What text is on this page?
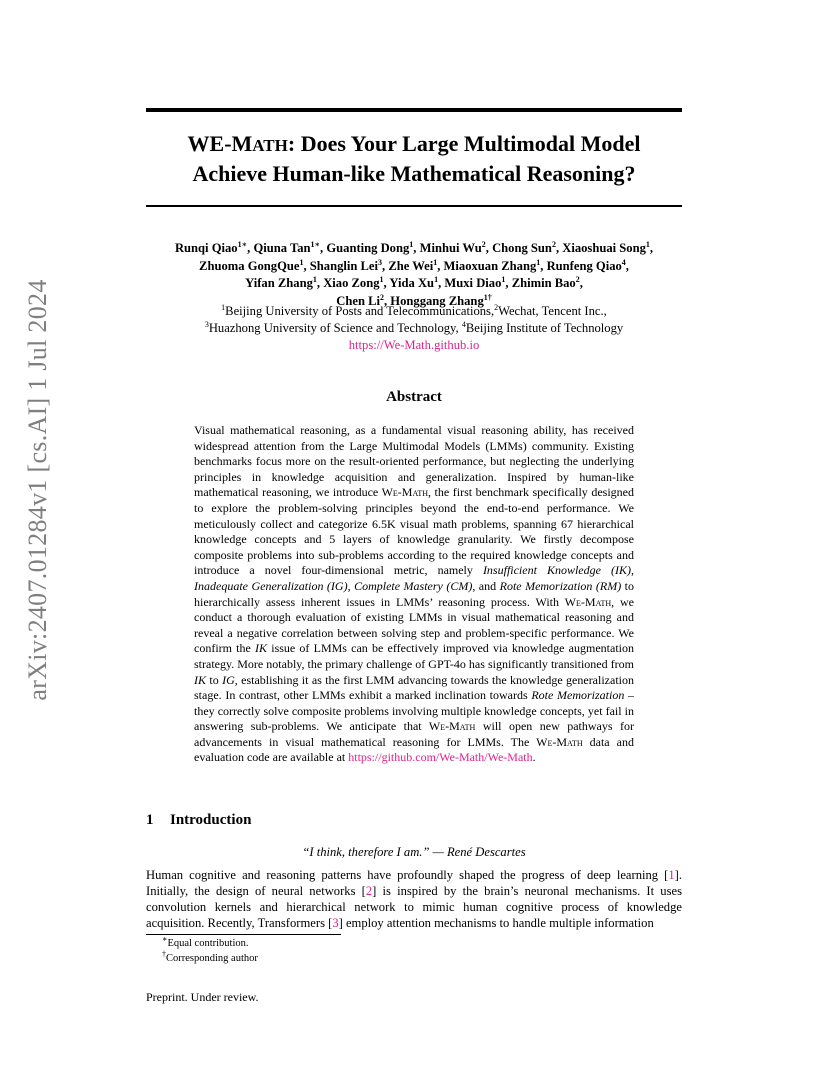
arXiv:2407.01284v1 [cs.AI] 1 Jul 2024
WE-MATH: Does Your Large Multimodal Model
Achieve Human-like Mathematical Reasoning?
Runqi Qiao$^{1∗}$, Qiuna Tan$^{1∗}$, Guanting Dong$^1$, Minhui Wu$^2$, Chong Sun$^2$, Xiaoshuai Song$^1$,
Zhuoma GongQue$^1$, Shanglin Lei$^3$, Zhe Wei$^1$, Miaoxuan Zhang$^1$, Runfeng Qiao$^4$,
Yifan Zhang$^1$, Xiao Zong$^1$, Yida Xu$^1$, Muxi Diao$^1$, Zhimin Bao$^2$,
Chen Li$^2$, Honggang Zhang$^{1\dagger}$
$^1$Beijing University of Posts and Telecommunications,$^2$Wechat, Tencent Inc.,
$^3$Huazhong University of Science and Technology, $^4$Beijing Institute of Technology
https://We-Math.github.io
Abstract

Visual mathematical reasoning, as a fundamental visual reasoning ability, has received widespread attention from the Large Multimodal Models (LMMs) community. Existing benchmarks focus more on the result-oriented performance, but neglecting the underlying principles in knowledge acquisition and generalization. Inspired by human-like mathematical reasoning, we introduce We-Math, the first benchmark specifically designed to explore the problem-solving principles beyond the end-to-end performance. We meticulously collect and categorize 6.5K visual math problems, spanning 67 hierarchical knowledge concepts and 5 layers of knowledge granularity. We firstly decompose composite problems into sub-problems according to the required knowledge concepts and introduce a novel four-dimensional metric, namely Insufficient Knowledge (IK), Inadequate Generalization (IG), Complete Mastery (CM), and Rote Memorization (RM) to hierarchically assess inherent issues in LMMs’ reasoning process. With We-Math, we conduct a thorough evaluation of existing LMMs in visual mathematical reasoning and reveal a negative correlation between solving step and problem-specific performance. We confirm the IK issue of LMMs can be effectively improved via knowledge augmentation strategy. More notably, the primary challenge of GPT-4o has significantly transitioned from IK to IG, establishing it as the first LMM advancing towards the knowledge generalization stage. In contrast, other LMMs exhibit a marked inclination towards Rote Memorization – they correctly solve composite problems involving multiple knowledge concepts, yet fail in answering sub-problems. We anticipate that We-Math will open new pathways for advancements in visual mathematical reasoning for LMMs. The We-Math data and evaluation code are available at https://github.com/We-Math/We-Math.

1 Introduction
“I think, therefore I am.” — René Descartes

Human cognitive and reasoning patterns have profoundly shaped the progress of deep learning [1]. Initially, the design of neural networks [2] is inspired by the brain’s neuronal mechanisms. It uses convolution kernels and hierarchical network to mimic human cognitive process of knowledge acquisition. Recently, Transformers [3] employ attention mechanisms to handle multiple information

∗Equal contribution.
†Corresponding author
Preprint. Under review.
